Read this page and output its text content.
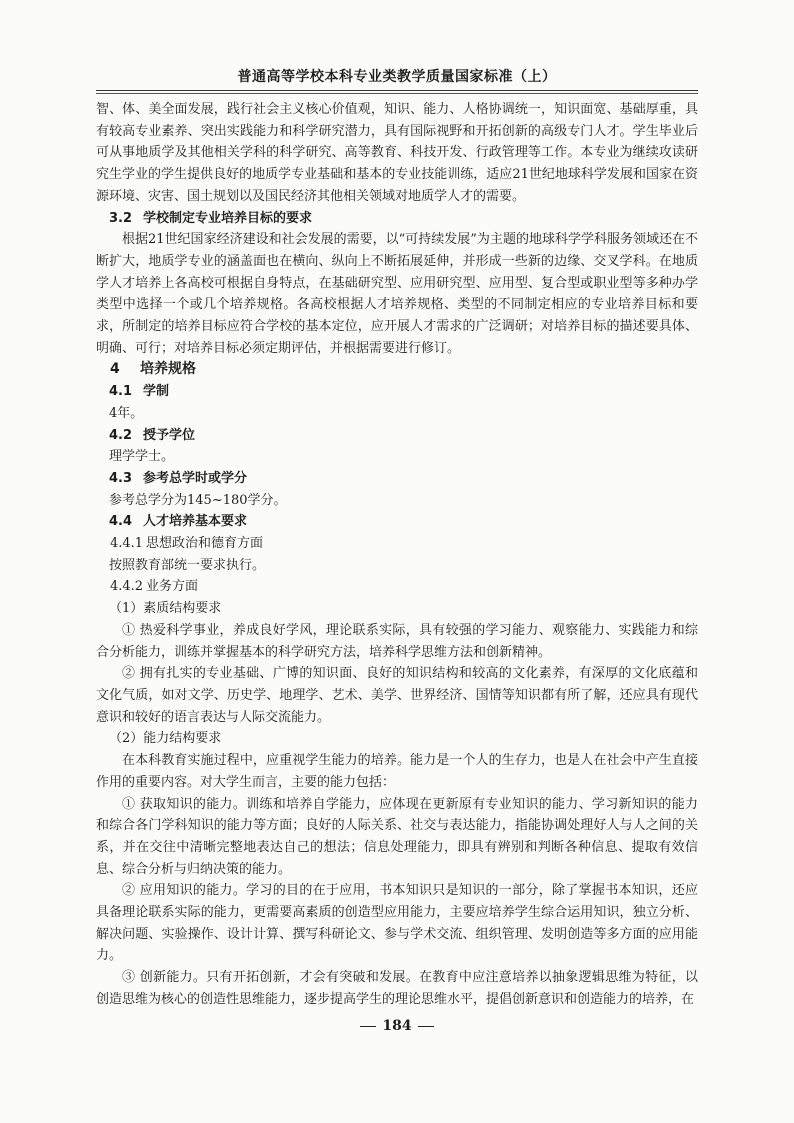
普通高等学校本科专业类教学质量国家标准（上）

智、体、美全面发展，践行社会主义核心价值观，知识、能力、人格协调统一，知识面宽、基础厚重，具有较高专业素养、突出实践能力和科学研究潜力，具有国际视野和开拓创新的高级专门人才。学生毕业后可从事地质学及其他相关学科的科学研究、高等教育、科技开发、行政管理等工作。本专业为继续攻读研究生学业的学生提供良好的地质学专业基础和基本的专业技能训练，适应21世纪地球科学发展和国家在资源环境、灾害、国土规划以及国民经济其他相关领域对地质学人才的需要。

3.2 学校制定专业培养目标的要求

根据21世纪国家经济建设和社会发展的需要，以“可持续发展”为主题的地球科学学科服务领域还在不断扩大，地质学专业的涵盖面也在横向、纵向上不断拓展延伸，并形成一些新的边缘、交叉学科。在地质学人才培养上各高校可根据自身特点，在基础研究型、应用研究型、应用型、复合型或职业型等多种办学类型中选择一个或几个培养规格。各高校根据人才培养规格、类型的不同制定相应的专业培养目标和要求，所制定的培养目标应符合学校的基本定位，应开展人才需求的广泛调研；对培养目标的描述要具体、明确、可行；对培养目标必须定期评估，并根据需要进行修订。

4 培养规格

4.1 学制

4年。

4.2 授予学位

理学学士。

4.3 参考总学时或学分

参考总学分为145~180学分。

4.4 人才培养基本要求

4.4.1 思想政治和德育方面

按照教育部统一要求执行。

4.4.2 业务方面

（1）素质结构要求

① 热爱科学事业，养成良好学风，理论联系实际，具有较强的学习能力、观察能力、实践能力和综合分析能力，训练并掌握基本的科学研究方法，培养科学思维方法和创新精神。

② 拥有扎实的专业基础、广博的知识面、良好的知识结构和较高的文化素养，有深厚的文化底蕴和文化气质，如对文学、历史学、地理学、艺术、美学、世界经济、国情等知识都有所了解，还应具有现代意识和较好的语言表达与人际交流能力。

（2）能力结构要求

在本科教育实施过程中，应重视学生能力的培养。能力是一个人的生存力，也是人在社会中产生直接作用的重要内容。对大学生而言，主要的能力包括：

① 获取知识的能力。训练和培养自学能力，应体现在更新原有专业知识的能力、学习新知识的能力和综合各门学科知识的能力等方面；良好的人际关系、社交与表达能力，指能协调处理好人与人之间的关系，并在交往中清晰完整地表达自己的想法；信息处理能力，即具有辨别和判断各种信息、提取有效信息、综合分析与归纳决策的能力。

② 应用知识的能力。学习的目的在于应用，书本知识只是知识的一部分，除了掌握书本知识，还应具备理论联系实际的能力，更需要高素质的创造型应用能力，主要应培养学生综合运用知识，独立分析、解决问题、实验操作、设计计算、撰写科研论文、参与学术交流、组织管理、发明创造等多方面的应用能力。

③ 创新能力。只有开拓创新，才会有突破和发展。在教育中应注意培养以抽象逻辑思维为特征，以创造思维为核心的创造性思维能力，逐步提高学生的理论思维水平，提倡创新意识和创造能力的培养，在

184
